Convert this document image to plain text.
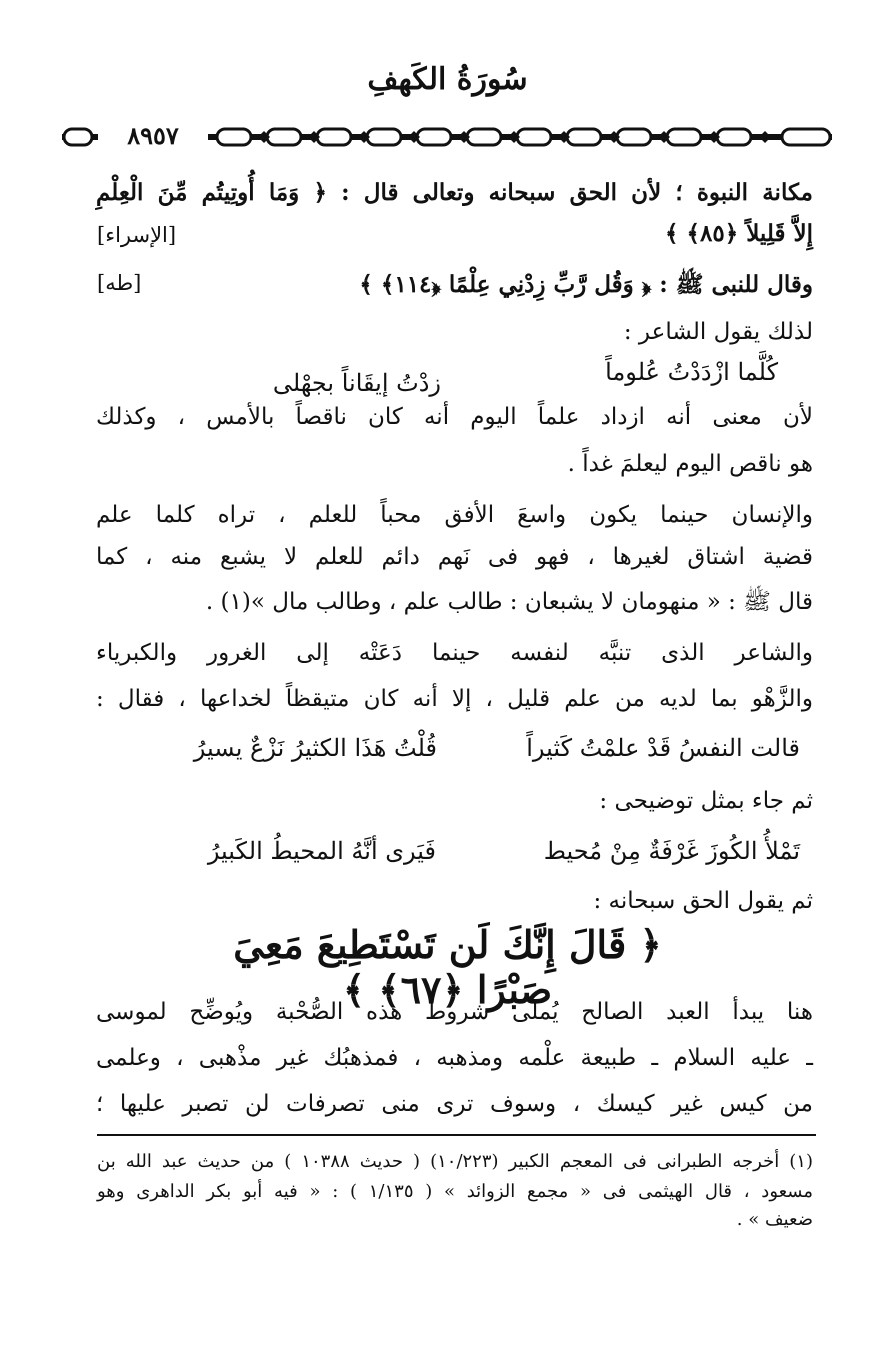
سُورَةُ الكَهفِ
٨٩٥٧
مكانة النبوة ؛ لأن الحق سبحانه وتعالى قال : ﴿ وَمَا أُوتِيتُم مِّنَ الْعِلْمِ
إِلاَّ قَلِيلاً ﴿٨٥﴾ ﴾
[الإسراء]
وقال للنبى ﷺ : ﴿ وَقُل رَّبِّ زِدْنِي عِلْمًا ﴿١١٤﴾ ﴾
[طه]
لذلك يقول الشاعر :
كُلَّما ازْدَدْتُ عُلوماً
زدْتُ إيقَاناً بجهْلى
لأن معنى أنه ازداد علماً اليوم أنه كان ناقصاً بالأمس ، وكذلك
هو ناقص اليوم ليعلمَ غداً .
والإنسان حينما يكون واسعَ الأفق محباً للعلم ، تراه كلما علم
قضية اشتاق لغيرها ، فهو فى نَهم دائم للعلم لا يشبع منه ، كما
قال ﷺ : « منهومان لا يشبعان : طالب علم ، وطالب مال »(١) .
والشاعر الذى تنبَّه لنفسه حينما دَعَتْه إلى الغرور والكبرياء
والزَّهْو بما لديه من علم قليل ، إلا أنه كان متيقظاً لخداعها ، فقال :
قالت النفسُ قَدْ علمْتُ كَثيراً
قُلْتُ هَذَا الكثيرُ نَزْعٌ يسيرُ
ثم جاء بمثل توضيحى :
تَمْلأُ الكُوزَ غَرْفَةٌ مِنْ مُحيط
فَيَرى أنَّهُ المحيطُ الكَبيرُ
ثم يقول الحق سبحانه :
﴿ قَالَ إِنَّكَ لَن تَسْتَطِيعَ مَعِيَ صَبْرًا ﴿٦٧﴾ ﴾
هنا يبدأ العبد الصالح يُملى شروط هذه الصُّحْبة ويُوضِّح لموسى
ـ عليه السلام ـ طبيعة علْمه ومذهبه ، فمذهبُك غير مذْهبى ، وعلمى
من كيس غير كيسك ، وسوف ترى منى تصرفات لن تصبر عليها ؛
(١) أخرجه الطبرانى فى المعجم الكبير (١٠/٢٢٣) ( حديث ١٠٣٨٨ ) من حديث عبد الله بن
مسعود ، قال الهيثمى فى « مجمع الزوائد » ( ١/١٣٥ ) : « فيه أبو بكر الداهرى وهو
ضعيف » .
